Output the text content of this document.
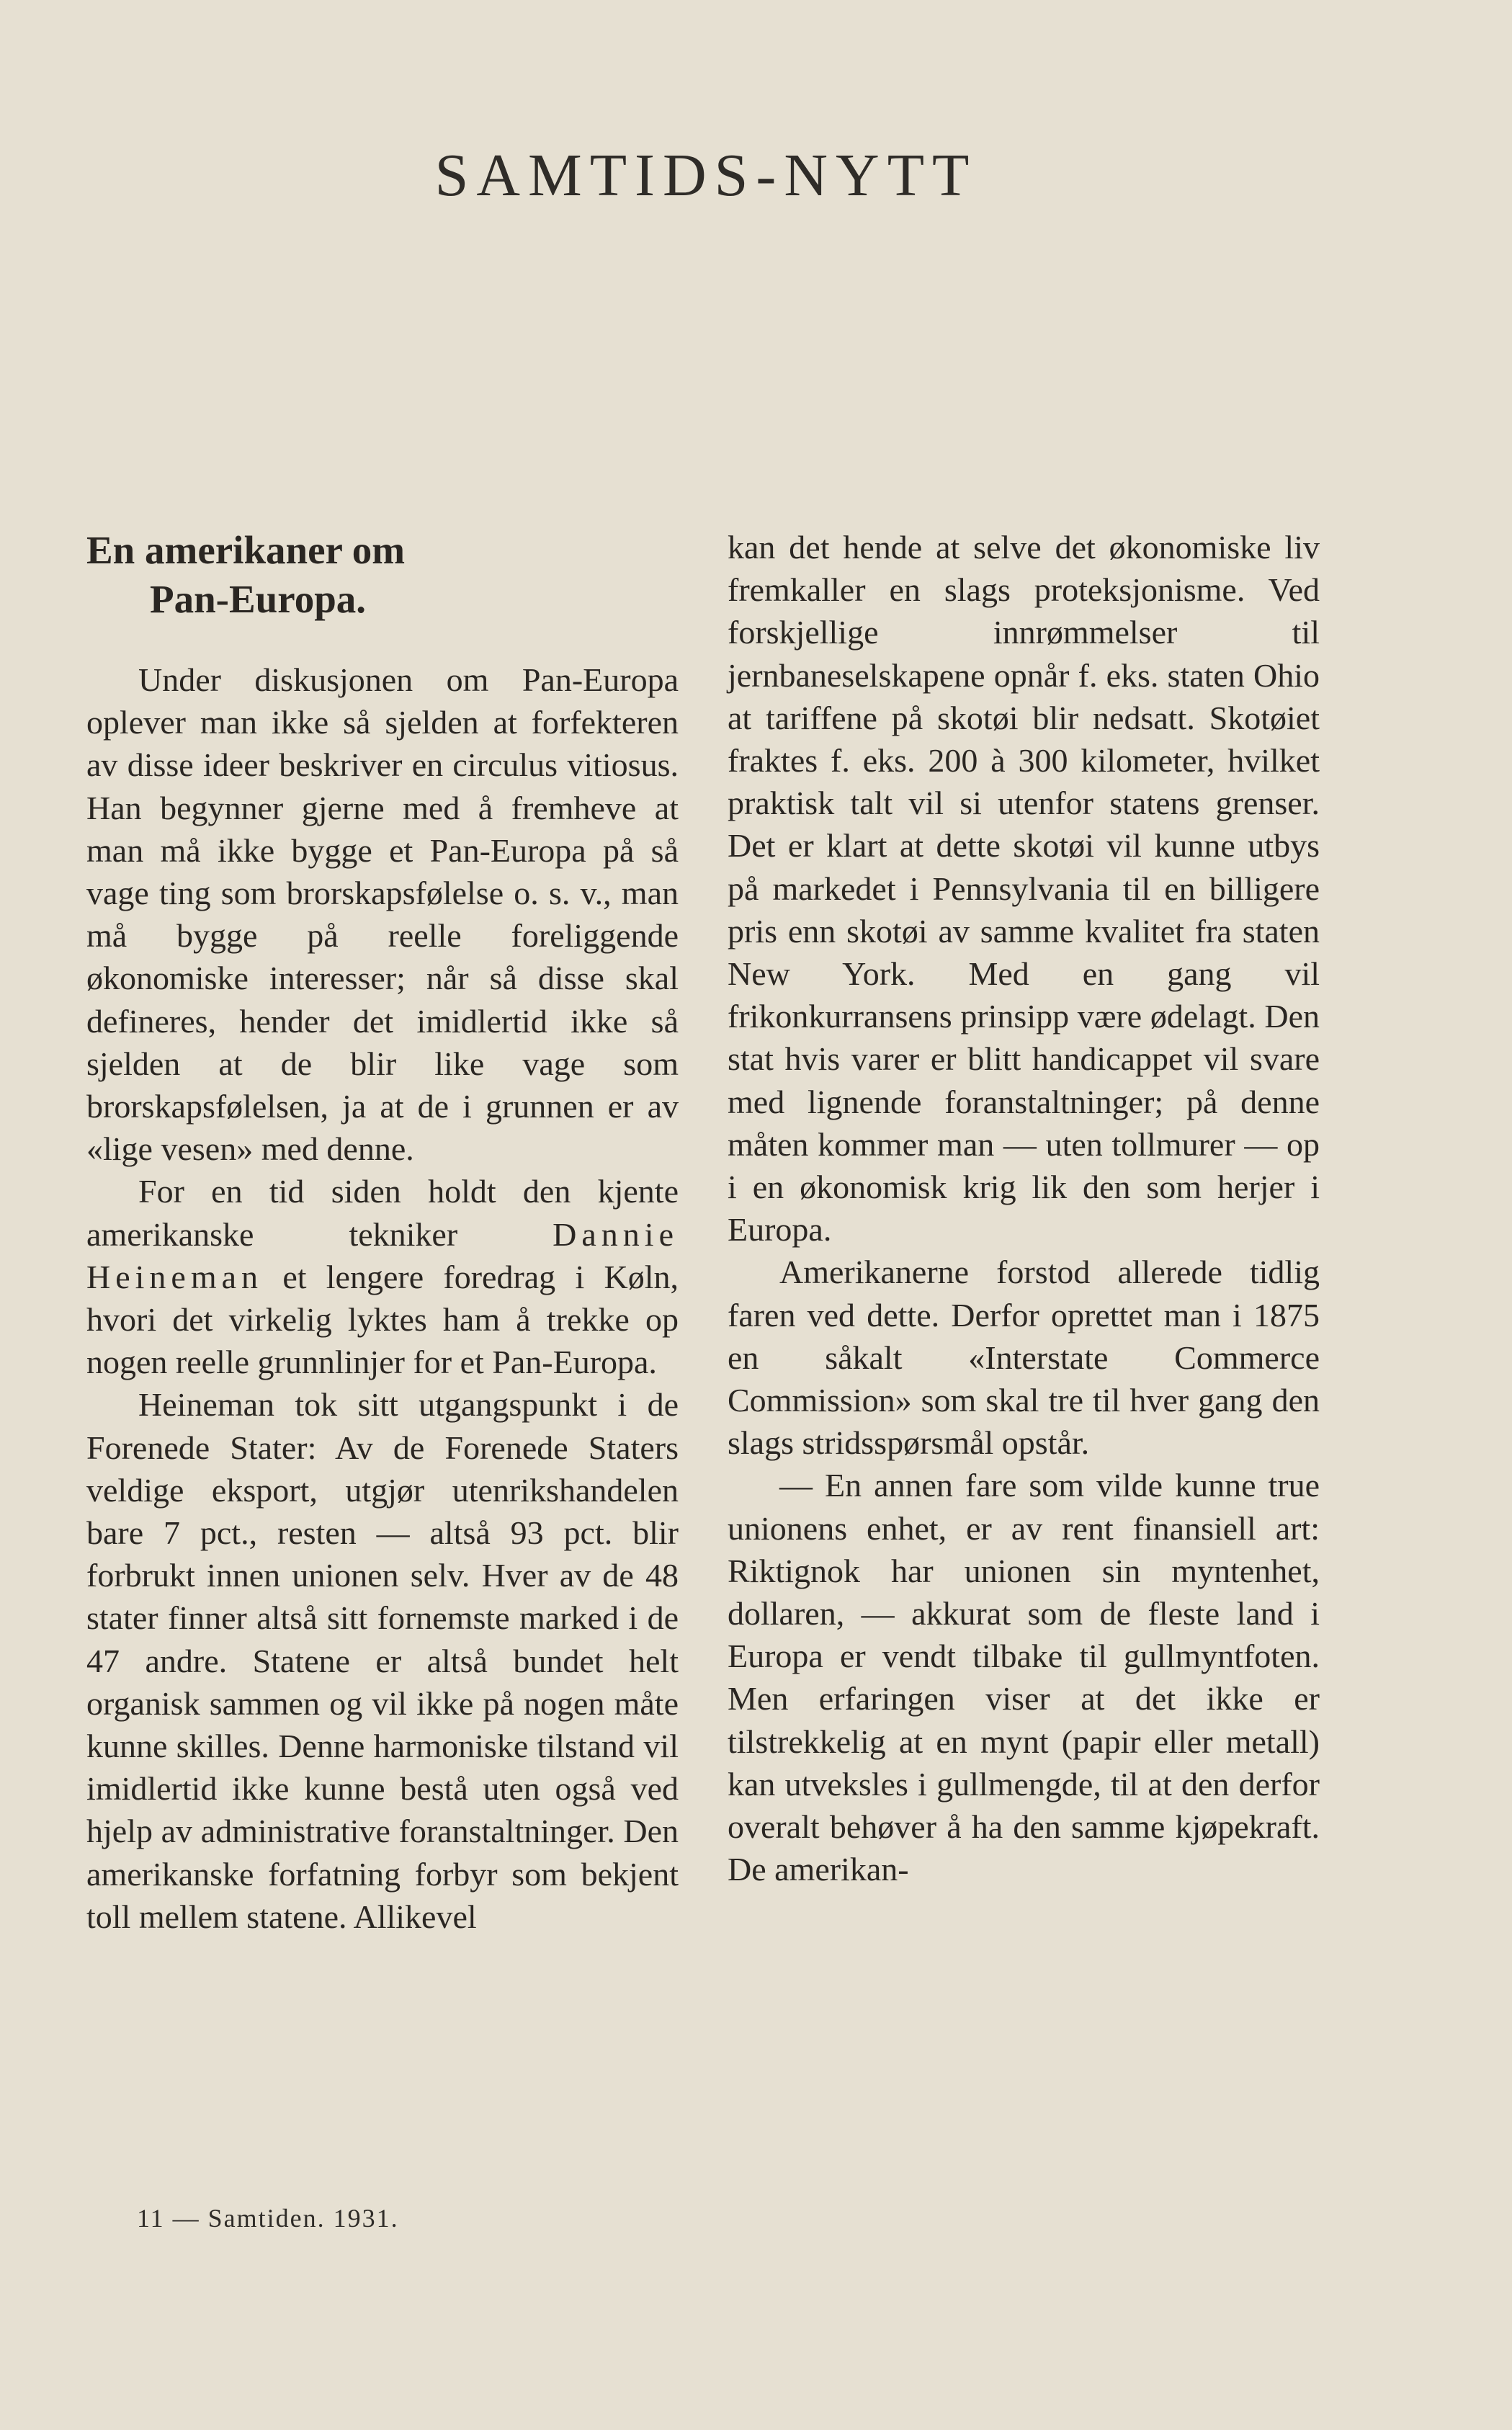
SAMTIDS-NYTT
En amerikaner om
Pan-Europa.

Under diskusjonen om Pan-Europa oplever man ikke så sjelden at forfekteren av disse ideer beskriver en circulus vitiosus. Han begynner gjerne med å fremheve at man må ikke bygge et Pan-Europa på så vage ting som brorskapsfølelse o. s. v., man må bygge på reelle foreliggende økonomiske interesser; når så disse skal defineres, hender det imidlertid ikke så sjelden at de blir like vage som brorskapsfølelsen, ja at de i grunnen er av «lige vesen» med denne.

For en tid siden holdt den kjente amerikanske tekniker	Dannie Heineman et lengere foredrag i Køln, hvori det virkelig lyktes ham å trekke op nogen reelle grunnlinjer for et Pan-Europa.

Heineman tok sitt utgangspunkt i de Forenede Stater: Av de Forenede Staters veldige eksport, utgjør utenrikshandelen bare 7 pct., resten — altså 93 pct. blir forbrukt innen unionen selv. Hver av de 48 stater finner altså sitt fornemste marked i de 47 andre. Statene er altså bundet helt organisk sammen og vil ikke på nogen måte kunne skilles. Denne harmoniske tilstand vil imidlertid ikke kunne bestå uten også ved hjelp av administrative foranstaltninger. Den amerikanske forfatning forbyr som bekjent toll mellem statene. Allikevel

kan det hende at selve det økonomiske liv fremkaller en slags proteksjonisme. Ved forskjellige innrømmelser til jernbaneselskapene opnår f. eks. staten Ohio at tariffene på skotøi blir nedsatt. Skotøiet fraktes f. eks. 200 à 300 kilometer, hvilket praktisk talt vil si utenfor statens grenser. Det er klart at dette skotøi vil kunne utbys på markedet i Pennsylvania til en billigere pris enn skotøi av samme kvalitet fra staten New York. Med en gang vil frikonkurransens prinsipp være ødelagt. Den stat hvis varer er blitt handicappet vil svare med lignende foranstaltninger; på denne måten kommer man — uten tollmurer — op i en økonomisk krig lik den som herjer i Europa.

Amerikanerne forstod allerede tidlig faren ved dette. Derfor oprettet man i 1875 en såkalt «Interstate Commerce Commission» som skal tre til hver gang den slags stridsspørsmål opstår.

— En annen fare som vilde kunne true unionens enhet, er av rent finansiell art: Riktignok har unionen sin myntenhet, dollaren, — akkurat som de fleste land i Europa er vendt tilbake til gullmyntfoten. Men erfaringen viser at det ikke er tilstrekkelig at en mynt (papir eller metall) kan utveksles i gullmengde, til at den derfor overalt behøver å ha den samme kjøpekraft. De amerikan-

11 — Samtiden. 1931.
